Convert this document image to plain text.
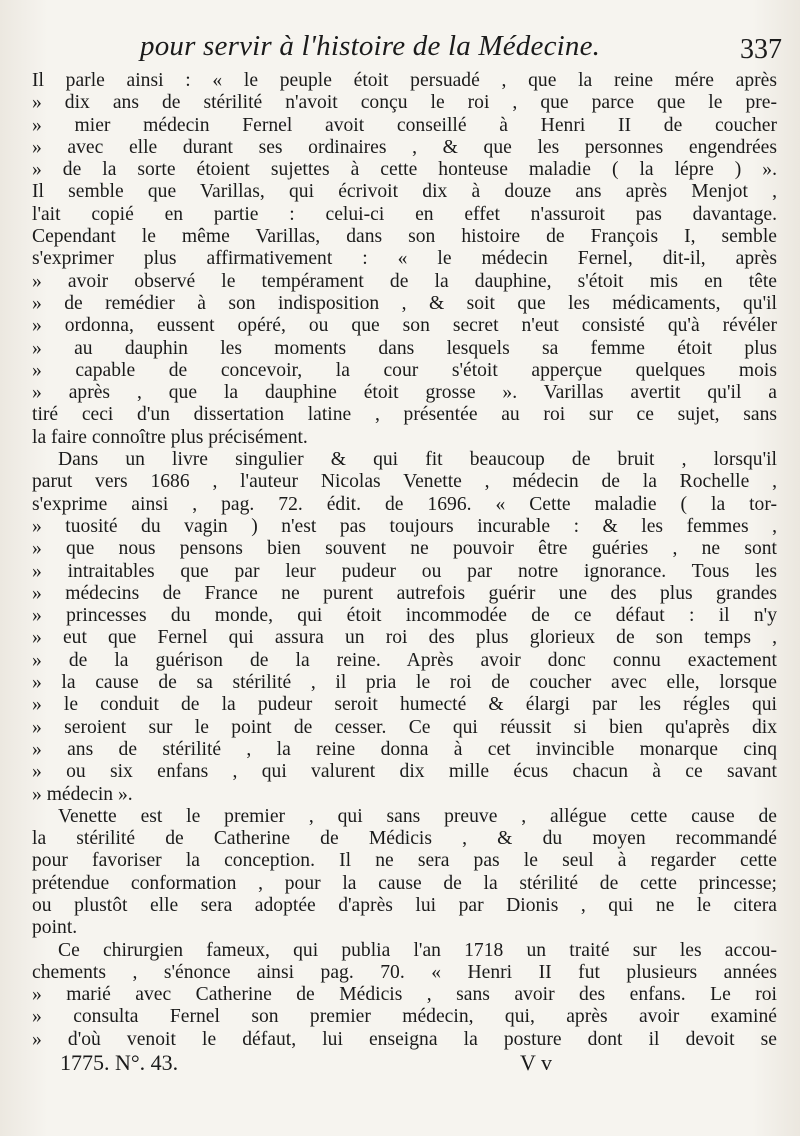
pour servir à l'histoire de la Médecine.	337
Il parle ainsi : « le peuple étoit persuadé , que la reine mére après
» dix ans de stérilité n'avoit conçu le roi , que parce que le pre-
» mier médecin Fernel avoit conseillé à Henri II de coucher
» avec elle durant ses ordinaires , & que les personnes engendrées
» de la sorte étoient sujettes à cette honteuse maladie ( la lépre ) ».
Il semble que Varillas, qui écrivoit dix à douze ans après Menjot ,
l'ait copié en partie : celui-ci en effet n'assuroit pas davantage.
Cependant le même Varillas, dans son histoire de François I, semble
s'exprimer plus affirmativement : « le médecin Fernel, dit-il, après
» avoir observé le tempérament de la dauphine, s'étoit mis en tête
» de remédier à son indisposition , & soit que les médicaments, qu'il
» ordonna, eussent opéré, ou que son secret n'eut consisté qu'à révéler
» au dauphin les moments dans lesquels sa femme étoit plus
» capable de concevoir, la cour s'étoit apperçue quelques mois
» après , que la dauphine étoit grosse ». Varillas avertit qu'il a
tiré ceci d'un dissertation latine , présentée au roi sur ce sujet, sans
la faire connoître plus précisément.
Dans un livre singulier & qui fit beaucoup de bruit , lorsqu'il
parut vers 1686 , l'auteur Nicolas Venette , médecin de la Rochelle ,
s'exprime ainsi , pag. 72. édit. de 1696. « Cette maladie ( la tor-
» tuosité du vagin ) n'est pas toujours incurable : & les femmes ,
» que nous pensons bien souvent ne pouvoir être guéries , ne sont
» intraitables que par leur pudeur ou par notre ignorance. Tous les
» médecins de France ne purent autrefois guérir une des plus grandes
» princesses du monde, qui étoit incommodée de ce défaut : il n'y
» eut que Fernel qui assura un roi des plus glorieux de son temps ,
» de la guérison de la reine. Après avoir donc connu exactement
» la cause de sa stérilité , il pria le roi de coucher avec elle, lorsque
» le conduit de la pudeur seroit humecté & élargi par les régles qui
» seroient sur le point de cesser. Ce qui réussit si bien qu'après dix
» ans de stérilité , la reine donna à cet invincible monarque cinq
» ou six enfans , qui valurent dix mille écus chacun à ce savant
» médecin ».
Venette est le premier , qui sans preuve , allégue cette cause de
la stérilité de Catherine de Médicis , & du moyen recommandé
pour favoriser la conception. Il ne sera pas le seul à regarder cette
prétendue conformation , pour la cause de la stérilité de cette princesse;
ou plustôt elle sera adoptée d'après lui par Dionis , qui ne le citera
point.
Ce chirurgien fameux, qui publia l'an 1718 un traité sur les accou-
chements , s'énonce ainsi pag. 70. « Henri II fut plusieurs années
» marié avec Catherine de Médicis , sans avoir des enfans. Le roi
» consulta Fernel son premier médecin, qui, après avoir examiné
» d'où venoit le défaut, lui enseigna la posture dont il devoit se
1775. N°. 43.	V v
